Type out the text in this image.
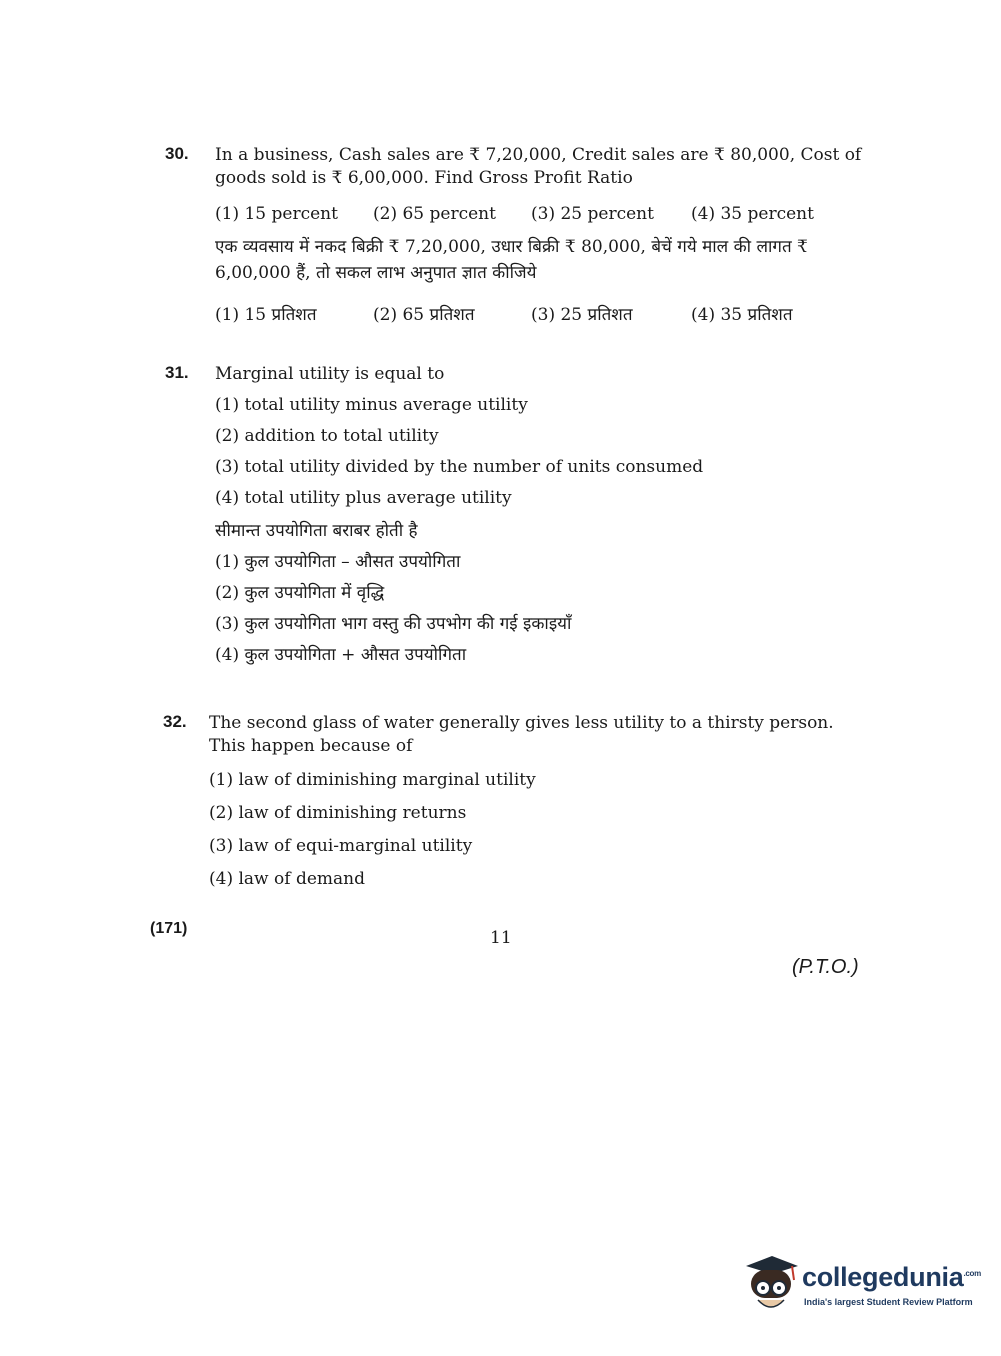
30. In a business, Cash sales are ₹ 7,20,000, Credit sales are ₹ 80,000, Cost of goods sold is ₹ 6,00,000. Find Gross Profit Ratio
(1) 15 percent	(2) 65 percent	(3) 25 percent	(4) 35 percent
एक व्यवसाय में नकद बिक्री ₹ 7,20,000, उधार बिक्री ₹ 80,000, बेचें गये माल की लागत ₹ 6,00,000 हैं, तो सकल लाभ अनुपात ज्ञात कीजिये
(1) 15 प्रतिशत	(2) 65 प्रतिशत	(3) 25 प्रतिशत	(4) 35 प्रतिशत
31. Marginal utility is equal to
(1) total utility minus average utility
(2) addition to total utility
(3) total utility divided by the number of units consumed
(4) total utility plus average utility
सीमान्त उपयोगिता बराबर होती है
(1) कुल उपयोगिता – औसत उपयोगिता
(2) कुल उपयोगिता में वृद्धि
(3) कुल उपयोगिता भाग वस्तु की उपभोग की गई इकाइयाँ
(4) कुल उपयोगिता + औसत उपयोगिता
32. The second glass of water generally gives less utility to a thirsty person. This happen because of
(1) law of diminishing marginal utility
(2) law of diminishing returns
(3) law of equi-marginal utility
(4) law of demand
(171)	11
(P.T.O.)
collegedunia$^{.com}$
India's largest Student Review Platform
